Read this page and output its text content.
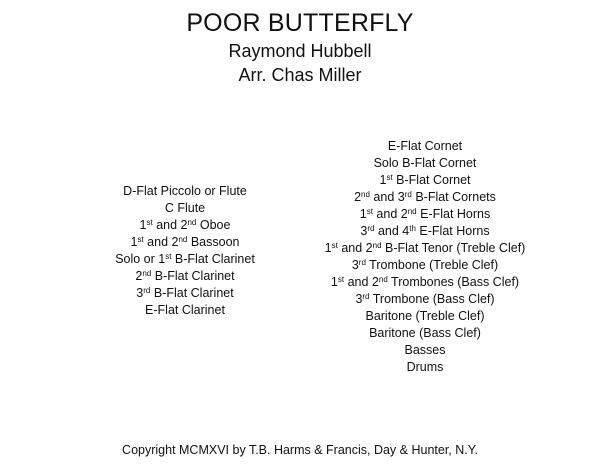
POOR BUTTERFLY
Raymond Hubbell
Arr. Chas Miller
D-Flat Piccolo or Flute
C Flute
1st and 2nd Oboe
1st and 2nd Bassoon
Solo or 1st B-Flat Clarinet
2nd B-Flat Clarinet
3rd B-Flat Clarinet
E-Flat Clarinet
E-Flat Cornet
Solo B-Flat Cornet
1st B-Flat Cornet
2nd and 3rd B-Flat Cornets
1st and 2nd E-Flat Horns
3rd and 4th E-Flat Horns
1st and 2nd B-Flat Tenor (Treble Clef)
3rd Trombone (Treble Clef)
1st and 2nd Trombones (Bass Clef)
3rd Trombone (Bass Clef)
Baritone (Treble Clef)
Baritone (Bass Clef)
Basses
Drums
Copyright MCMXVI by T.B. Harms & Francis, Day & Hunter, N.Y.
